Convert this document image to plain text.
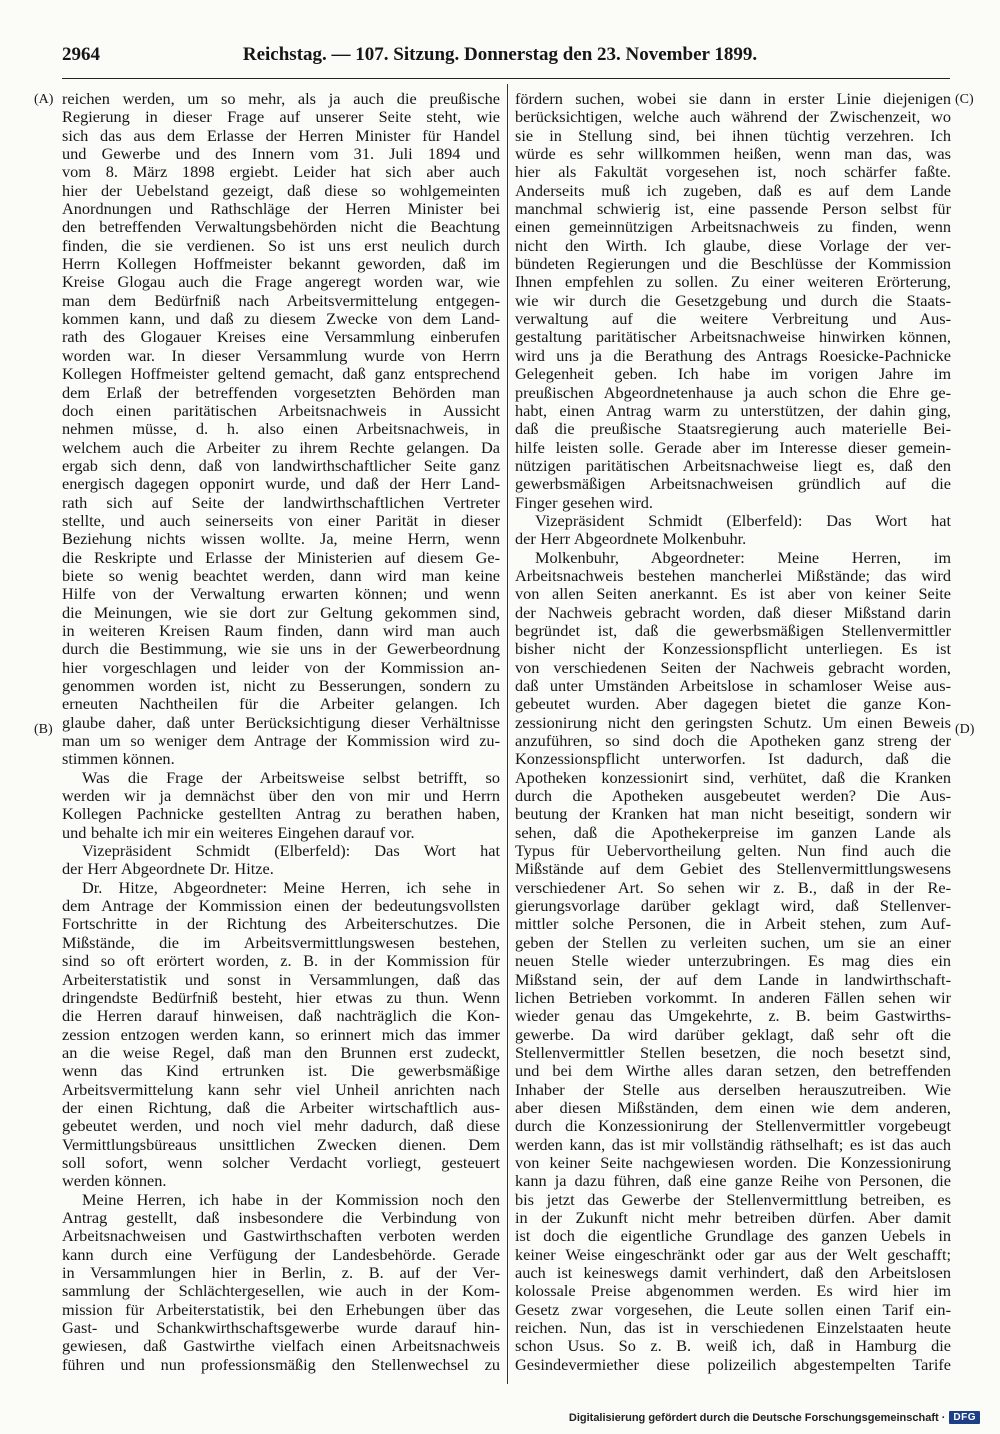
2964	Reichstag. — 107. Sitzung. Donnerstag den 23. November 1899.
(A)
(B)
(C)
(D)
reichen werden, um so mehr, als ja auch die preußische
Regierung in dieser Frage auf unserer Seite steht, wie
sich das aus dem Erlasse der Herren Minister für Handel
und Gewerbe und des Innern vom 31. Juli 1894 und
vom 8. März 1898 ergiebt. Leider hat sich aber auch
hier der Uebelstand gezeigt, daß diese so wohlgemeinten
Anordnungen und Rathschläge der Herren Minister bei
den betreffenden Verwaltungsbehörden nicht die Beachtung
finden, die sie verdienen. So ist uns erst neulich durch
Herrn Kollegen Hoffmeister bekannt geworden, daß im
Kreise Glogau auch die Frage angeregt worden war, wie
man dem Bedürfniß nach Arbeitsvermittelung entgegen-
kommen kann, und daß zu diesem Zwecke von dem Land-
rath des Glogauer Kreises eine Versammlung einberufen
worden war. In dieser Versammlung wurde von Herrn
Kollegen Hoffmeister geltend gemacht, daß ganz entsprechend
dem Erlaß der betreffenden vorgesetzten Behörden man
doch einen paritätischen Arbeitsnachweis in Aussicht
nehmen müsse, d. h. also einen Arbeitsnachweis, in
welchem auch die Arbeiter zu ihrem Rechte gelangen. Da
ergab sich denn, daß von landwirthschaftlicher Seite ganz
energisch dagegen opponirt wurde, und daß der Herr Land-
rath sich auf Seite der landwirthschaftlichen Vertreter
stellte, und auch seinerseits von einer Parität in dieser
Beziehung nichts wissen wollte. Ja, meine Herrn, wenn
die Reskripte und Erlasse der Ministerien auf diesem Ge-
biete so wenig beachtet werden, dann wird man keine
Hilfe von der Verwaltung erwarten können; und wenn
die Meinungen, wie sie dort zur Geltung gekommen sind,
in weiteren Kreisen Raum finden, dann wird man auch
durch die Bestimmung, wie sie uns in der Gewerbeordnung
hier vorgeschlagen und leider von der Kommission an-
genommen worden ist, nicht zu Besserungen, sondern zu
erneuten Nachtheilen für die Arbeiter gelangen. Ich
glaube daher, daß unter Berücksichtigung dieser Verhältnisse
man um so weniger dem Antrage der Kommission wird zu-
stimmen können.
Was die Frage der Arbeitsweise selbst betrifft, so
werden wir ja demnächst über den von mir und Herrn
Kollegen Pachnicke gestellten Antrag zu berathen haben,
und behalte ich mir ein weiteres Eingehen darauf vor.
Vizepräsident Schmidt (Elberfeld): Das Wort hat
der Herr Abgeordnete Dr. Hitze.
Dr. Hitze, Abgeordneter: Meine Herren, ich sehe in
dem Antrage der Kommission einen der bedeutungsvollsten
Fortschritte in der Richtung des Arbeiterschutzes. Die
Mißstände, die im Arbeitsvermittlungswesen bestehen,
sind so oft erörtert worden, z. B. in der Kommission für
Arbeiterstatistik und sonst in Versammlungen, daß das
dringendste Bedürfniß besteht, hier etwas zu thun. Wenn
die Herren darauf hinweisen, daß nachträglich die Kon-
zession entzogen werden kann, so erinnert mich das immer
an die weise Regel, daß man den Brunnen erst zudeckt,
wenn das Kind ertrunken ist. Die gewerbsmäßige
Arbeitsvermittelung kann sehr viel Unheil anrichten nach
der einen Richtung, daß die Arbeiter wirtschaftlich aus-
gebeutet werden, und noch viel mehr dadurch, daß diese
Vermittlungsbüreaus unsittlichen Zwecken dienen. Dem
soll sofort, wenn solcher Verdacht vorliegt, gesteuert
werden können.
Meine Herren, ich habe in der Kommission noch den
Antrag gestellt, daß insbesondere die Verbindung von
Arbeitsnachweisen und Gastwirthschaften verboten werden
kann durch eine Verfügung der Landesbehörde. Gerade
in Versammlungen hier in Berlin, z. B. auf der Ver-
sammlung der Schlächtergesellen, wie auch in der Kom-
mission für Arbeiterstatistik, bei den Erhebungen über das
Gast- und Schankwirthschaftsgewerbe wurde darauf hin-
gewiesen, daß Gastwirthe vielfach einen Arbeitsnachweis
führen und nun professionsmäßig den Stellenwechsel zu
fördern suchen, wobei sie dann in erster Linie diejenigen
berücksichtigen, welche auch während der Zwischenzeit, wo
sie in Stellung sind, bei ihnen tüchtig verzehren. Ich
würde es sehr willkommen heißen, wenn man das, was
hier als Fakultät vorgesehen ist, noch schärfer faßte.
Anderseits muß ich zugeben, daß es auf dem Lande
manchmal schwierig ist, eine passende Person selbst für
einen gemeinnützigen Arbeitsnachweis zu finden, wenn
nicht den Wirth. Ich glaube, diese Vorlage der ver-
bündeten Regierungen und die Beschlüsse der Kommission
Ihnen empfehlen zu sollen. Zu einer weiteren Erörterung,
wie wir durch die Gesetzgebung und durch die Staats-
verwaltung auf die weitere Verbreitung und Aus-
gestaltung paritätischer Arbeitsnachweise hinwirken können,
wird uns ja die Berathung des Antrags Roesicke-Pachnicke
Gelegenheit geben. Ich habe im vorigen Jahre im
preußischen Abgeordnetenhause ja auch schon die Ehre ge-
habt, einen Antrag warm zu unterstützen, der dahin ging,
daß die preußische Staatsregierung auch materielle Bei-
hilfe leisten solle. Gerade aber im Interesse dieser gemein-
nützigen paritätischen Arbeitsnachweise liegt es, daß den
gewerbsmäßigen Arbeitsnachweisen gründlich auf die
Finger gesehen wird.
Vizepräsident Schmidt (Elberfeld): Das Wort hat
der Herr Abgeordnete Molkenbuhr.
Molkenbuhr, Abgeordneter: Meine Herren, im
Arbeitsnachweis bestehen mancherlei Mißstände; das wird
von allen Seiten anerkannt. Es ist aber von keiner Seite
der Nachweis gebracht worden, daß dieser Mißstand darin
begründet ist, daß die gewerbsmäßigen Stellenvermittler
bisher nicht der Konzessionspflicht unterliegen. Es ist
von verschiedenen Seiten der Nachweis gebracht worden,
daß unter Umständen Arbeitslose in schamloser Weise aus-
gebeutet wurden. Aber dagegen bietet die ganze Kon-
zessionirung nicht den geringsten Schutz. Um einen Beweis
anzuführen, so sind doch die Apotheken ganz streng der
Konzessionspflicht unterworfen. Ist dadurch, daß die
Apotheken konzessionirt sind, verhütet, daß die Kranken
durch die Apotheken ausgebeutet werden? Die Aus-
beutung der Kranken hat man nicht beseitigt, sondern wir
sehen, daß die Apothekerpreise im ganzen Lande als
Typus für Uebervortheilung gelten. Nun find auch die
Mißstände auf dem Gebiet des Stellenvermittlungswesens
verschiedener Art. So sehen wir z. B., daß in der Re-
gierungsvorlage darüber geklagt wird, daß Stellenver-
mittler solche Personen, die in Arbeit stehen, zum Auf-
geben der Stellen zu verleiten suchen, um sie an einer
neuen Stelle wieder unterzubringen. Es mag dies ein
Mißstand sein, der auf dem Lande in landwirthschaft-
lichen Betrieben vorkommt. In anderen Fällen sehen wir
wieder genau das Umgekehrte, z. B. beim Gastwirths-
gewerbe. Da wird darüber geklagt, daß sehr oft die
Stellenvermittler Stellen besetzen, die noch besetzt sind,
und bei dem Wirthe alles daran setzen, den betreffenden
Inhaber der Stelle aus derselben herauszutreiben. Wie
aber diesen Mißständen, dem einen wie dem anderen,
durch die Konzessionirung der Stellenvermittler vorgebeugt
werden kann, das ist mir vollständig räthselhaft; es ist das auch
von keiner Seite nachgewiesen worden. Die Konzessionirung
kann ja dazu führen, daß eine ganze Reihe von Personen, die
bis jetzt das Gewerbe der Stellenvermittlung betreiben, es
in der Zukunft nicht mehr betreiben dürfen. Aber damit
ist doch die eigentliche Grundlage des ganzen Uebels in
keiner Weise eingeschränkt oder gar aus der Welt geschafft;
auch ist keineswegs damit verhindert, daß den Arbeitslosen
kolossale Preise abgenommen werden. Es wird hier im
Gesetz zwar vorgesehen, die Leute sollen einen Tarif ein-
reichen. Nun, das ist in verschiedenen Einzelstaaten heute
schon Usus. So z. B. weiß ich, daß in Hamburg die
Gesindevermiether diese polizeilich abgestempelten Tarife
Digitalisierung gefördert durch die Deutsche Forschungsgemeinschaft · DFG
